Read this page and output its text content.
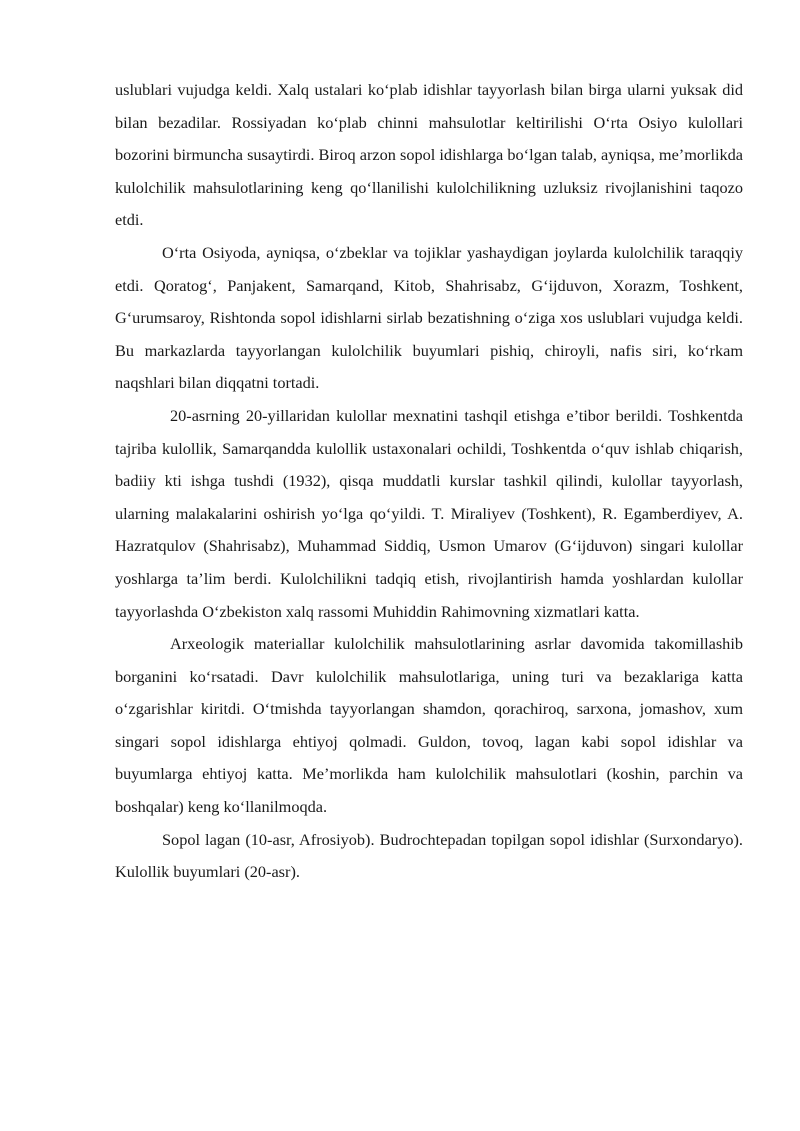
uslublari vujudga keldi. Xalq ustalari ko‘plab idishlar tayyorlash bilan birga ularni yuksak did bilan bezadilar. Rossiyadan ko‘plab chinni mahsulotlar keltirilishi O‘rta Osiyo kulollari bozorini birmuncha susaytirdi. Biroq arzon sopol idishlarga bo‘lgan talab, ayniqsa, me’morlikda kulolchilik mahsulotlarining keng qo‘llanilishi kulolchilikning uzluksiz rivojlanishini taqozo etdi.

O‘rta Osiyoda, ayniqsa, o‘zbeklar va tojiklar yashaydigan joylarda kulolchilik taraqqiy etdi. Qoratog‘, Panjakent, Samarqand, Kitob, Shahrisabz, G‘ijduvon, Xorazm, Toshkent, G‘urumsaroy, Rishtonda sopol idishlarni sirlab bezatishning o‘ziga xos uslublari vujudga keldi. Bu markazlarda tayyorlangan kulolchilik buyumlari pishiq, chiroyli, nafis siri, ko‘rkam naqshlari bilan diqqatni tortadi.

20-asrning 20-yillaridan kulollar mexnatini tashqil etishga e’tibor berildi. Toshkentda tajriba kulollik, Samarqandda kulollik ustaxonalari ochildi, Toshkentda o‘quv ishlab chiqarish, badiiy kti ishga tushdi (1932), qisqa muddatli kurslar tashkil qilindi, kulollar tayyorlash, ularning malakalarini oshirish yo‘lga qo‘yildi. T. Miraliyev (Toshkent), R. Egamberdiyev, A. Hazratqulov (Shahrisabz), Muhammad Siddiq, Usmon Umarov (G‘ijduvon) singari kulollar yoshlarga ta’lim berdi. Kulolchilikni tadqiq etish, rivojlantirish hamda yoshlardan kulollar tayyorlashda O‘zbekiston xalq rassomi Muhiddin Rahimovning xizmatlari katta.

Arxeologik materiallar kulolchilik mahsulotlarining asrlar davomida takomillashib borganini ko‘rsatadi. Davr kulolchilik mahsulotlariga, uning turi va bezaklariga katta o‘zgarishlar kiritdi. O‘tmishda tayyorlangan shamdon, qorachiroq, sarxona, jomashov, xum singari sopol idishlarga ehtiyoj qolmadi. Guldon, tovoq, lagan kabi sopol idishlar va buyumlarga ehtiyoj katta. Me’morlikda ham kulolchilik mahsulotlari (koshin, parchin va boshqalar) keng ko‘llanilmoqda.

Sopol lagan (10-asr, Afrosiyob). Budrochtepadan topilgan sopol idishlar (Surxondaryo). Kulollik buyumlari (20-asr).
